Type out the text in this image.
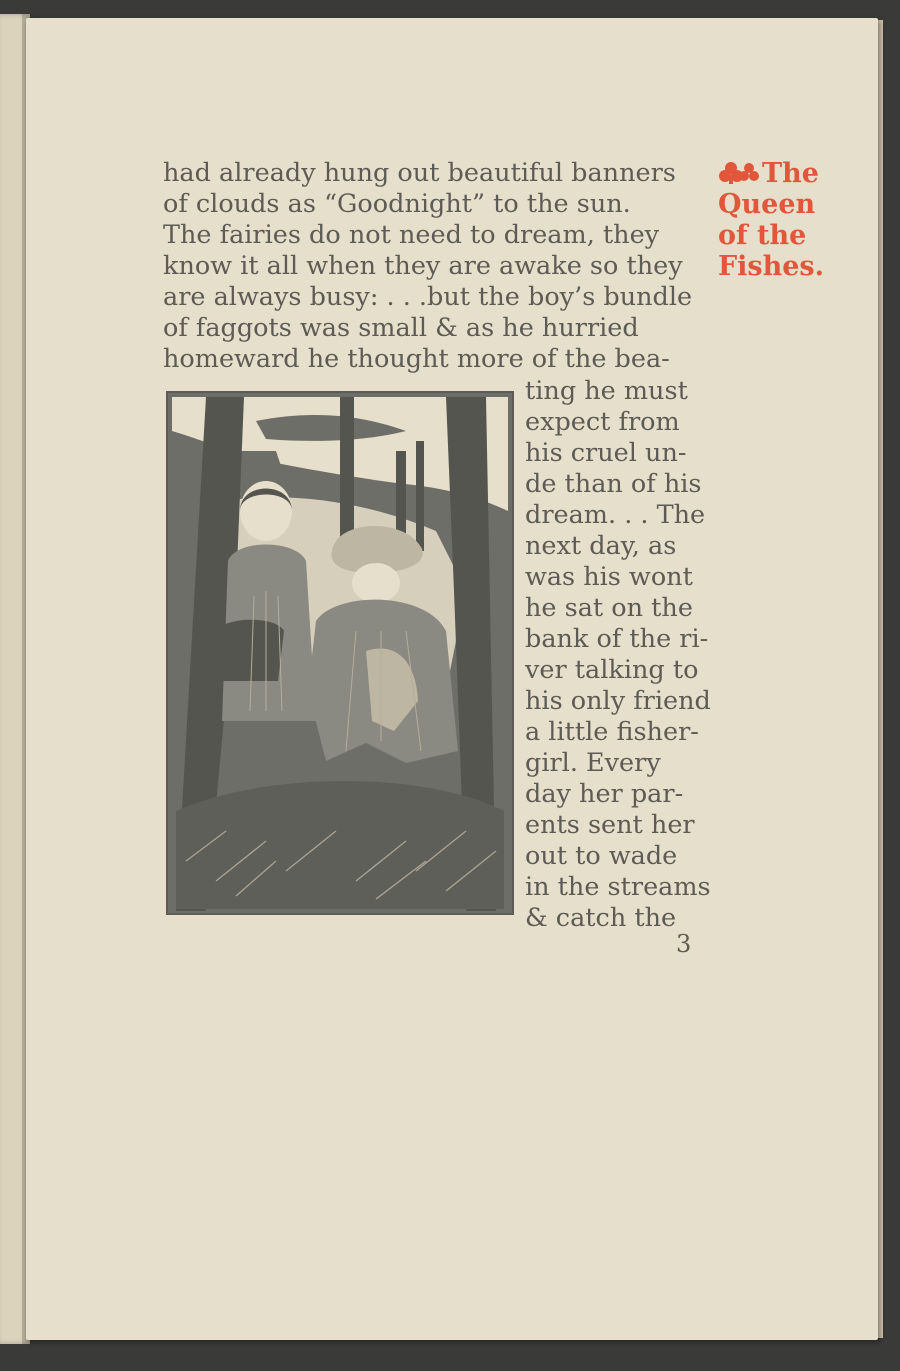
The
Queen
of the
Fishes.
had already hung out beautiful banners
of clouds as “Goodnight” to the sun.
The fairies do not need to dream, they
know it all when they are awake so they
are always busy: . . .but the boy’s bundle
of faggots was small & as he hurried
homeward he thought more of the bea-
ting he must
expect from
his cruel un-
de than of his
dream. . . The
next day, as
was his wont
he sat on the
bank of the ri-
ver talking to
his only friend
a little fisher-
girl. Every
day her par-
ents sent her
out to wade
in the streams
& catch the
3
